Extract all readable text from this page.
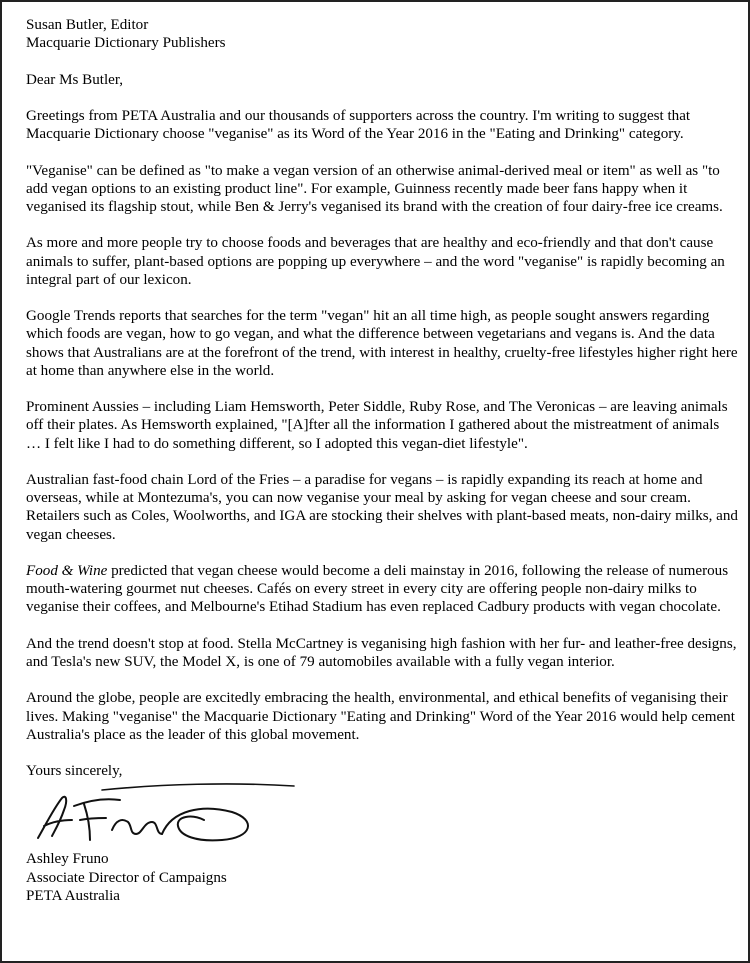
Susan Butler, Editor
Macquarie Dictionary Publishers

Dear Ms Butler,

Greetings from PETA Australia and our thousands of supporters across the country. I'm writing to suggest that Macquarie Dictionary choose "veganise" as its Word of the Year 2016 in the "Eating and Drinking" category.

"Veganise" can be defined as "to make a vegan version of an otherwise animal-derived meal or item" as well as "to add vegan options to an existing product line". For example, Guinness recently made beer fans happy when it veganised its flagship stout, while Ben & Jerry's veganised its brand with the creation of four dairy-free ice creams.

As more and more people try to choose foods and beverages that are healthy and eco-friendly and that don't cause animals to suffer, plant-based options are popping up everywhere – and the word "veganise" is rapidly becoming an integral part of our lexicon.

Google Trends reports that searches for the term "vegan" hit an all time high, as people sought answers regarding which foods are vegan, how to go vegan, and what the difference between vegetarians and vegans is. And the data shows that Australians are at the forefront of the trend, with interest in healthy, cruelty-free lifestyles higher right here at home than anywhere else in the world.

Prominent Aussies – including Liam Hemsworth, Peter Siddle, Ruby Rose, and The Veronicas – are leaving animals off their plates. As Hemsworth explained, "[A]fter all the information I gathered about the mistreatment of animals … I felt like I had to do something different, so I adopted this vegan-diet lifestyle".

Australian fast-food chain Lord of the Fries – a paradise for vegans – is rapidly expanding its reach at home and overseas, while at Montezuma's, you can now veganise your meal by asking for vegan cheese and sour cream. Retailers such as Coles, Woolworths, and IGA are stocking their shelves with plant-based meats, non-dairy milks, and vegan cheeses.

Food & Wine predicted that vegan cheese would become a deli mainstay in 2016, following the release of numerous mouth-watering gourmet nut cheeses. Cafés on every street in every city are offering people non-dairy milks to veganise their coffees, and Melbourne's Etihad Stadium has even replaced Cadbury products with vegan chocolate.

And the trend doesn't stop at food. Stella McCartney is veganising high fashion with her fur- and leather-free designs, and Tesla's new SUV, the Model X, is one of 79 automobiles available with a fully vegan interior.

Around the globe, people are excitedly embracing the health, environmental, and ethical benefits of veganising their lives. Making "veganise" the Macquarie Dictionary "Eating and Drinking" Word of the Year 2016 would help cement Australia's place as the leader of this global movement.

Yours sincerely,

Ashley Fruno
Associate Director of Campaigns
PETA Australia
